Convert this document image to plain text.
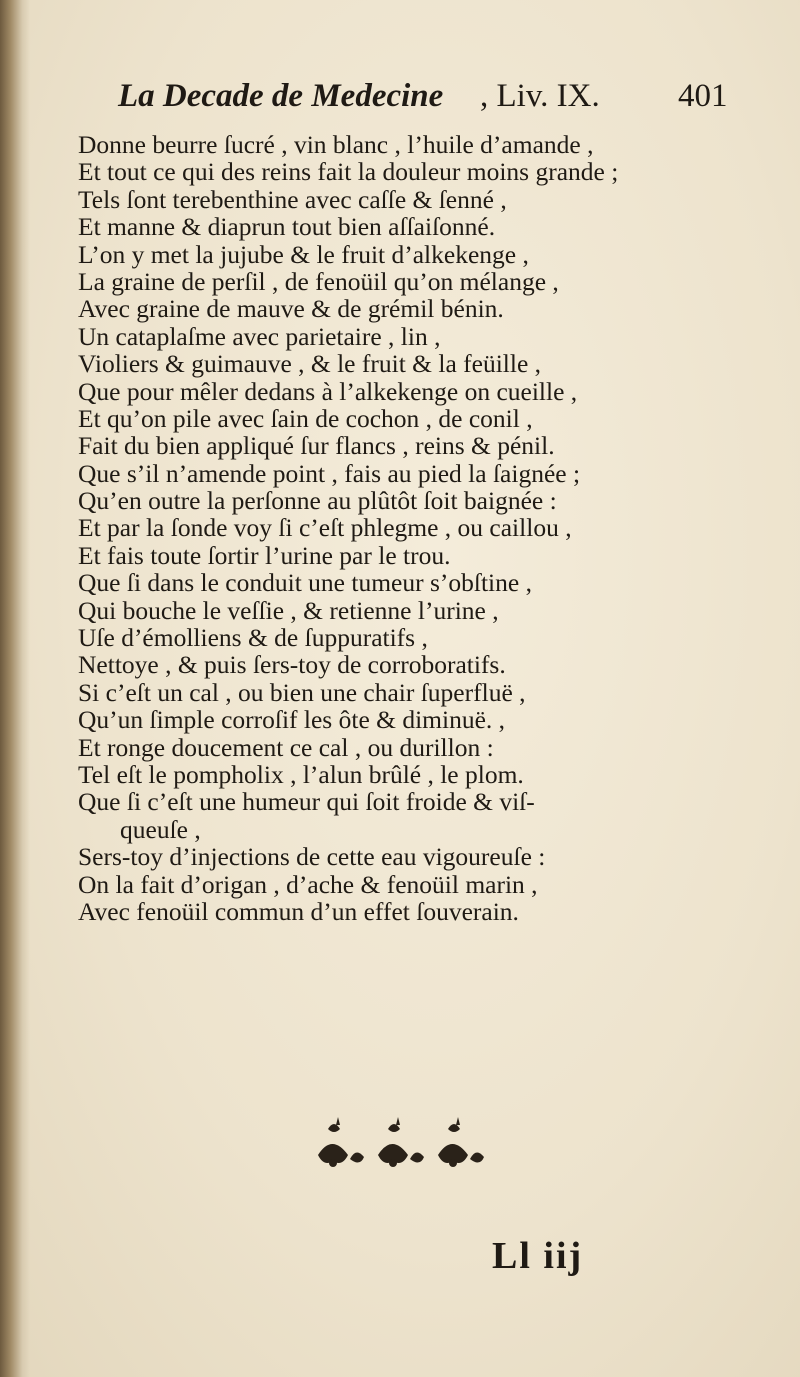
La Decade de Medecine , Liv. IX. 401
Donne beurre ſucré , vin blanc , l’huile d’amande ,
Et tout ce qui des reins fait la douleur moins grande ;
Tels ſont terebenthine avec caſſe & ſenné ,
Et manne & diaprun tout bien aſſaiſonné.
L’on y met la jujube & le fruit d’alkekenge ,
La graine de perſil , de fenoüil qu’on mélange ,
Avec graine de mauve & de grémil bénin.
Un cataplaſme avec parietaire , lin ,
Violiers & guimauve , & le fruit & la feüille ,
Que pour mêler dedans à l’alkekenge on cueille ,
Et qu’on pile avec ſain de cochon , de conil ,
Fait du bien appliqué ſur flancs , reins & pénil.
Que s’il n’amende point , fais au pied la ſaignée ;
Qu’en outre la perſonne au plûtôt ſoit baignée :
Et par la ſonde voy ſi c’eſt phlegme , ou caillou ,
Et fais toute ſortir l’urine par le trou.
Que ſi dans le conduit une tumeur s’obſtine ,
Qui bouche le veſſie , & retienne l’urine ,
Uſe d’émolliens & de ſuppuratifs ,
Nettoye , & puis ſers-toy de corroboratifs.
Si c’eſt un cal , ou bien une chair ſuperfluë ,
Qu’un ſimple corroſif les ôte & diminuë. ,
Et ronge doucement ce cal , ou durillon :
Tel eſt le pompholix , l’alun brûlé , le plom.
Que ſi c’eſt une humeur qui ſoit froide & viſ-
queuſe ,
Sers-toy d’injections de cette eau vigoureuſe :
On la fait d’origan , d’ache & fenoüil marin ,
Avec fenoüil commun d’un effet ſouverain.
Ll iij
